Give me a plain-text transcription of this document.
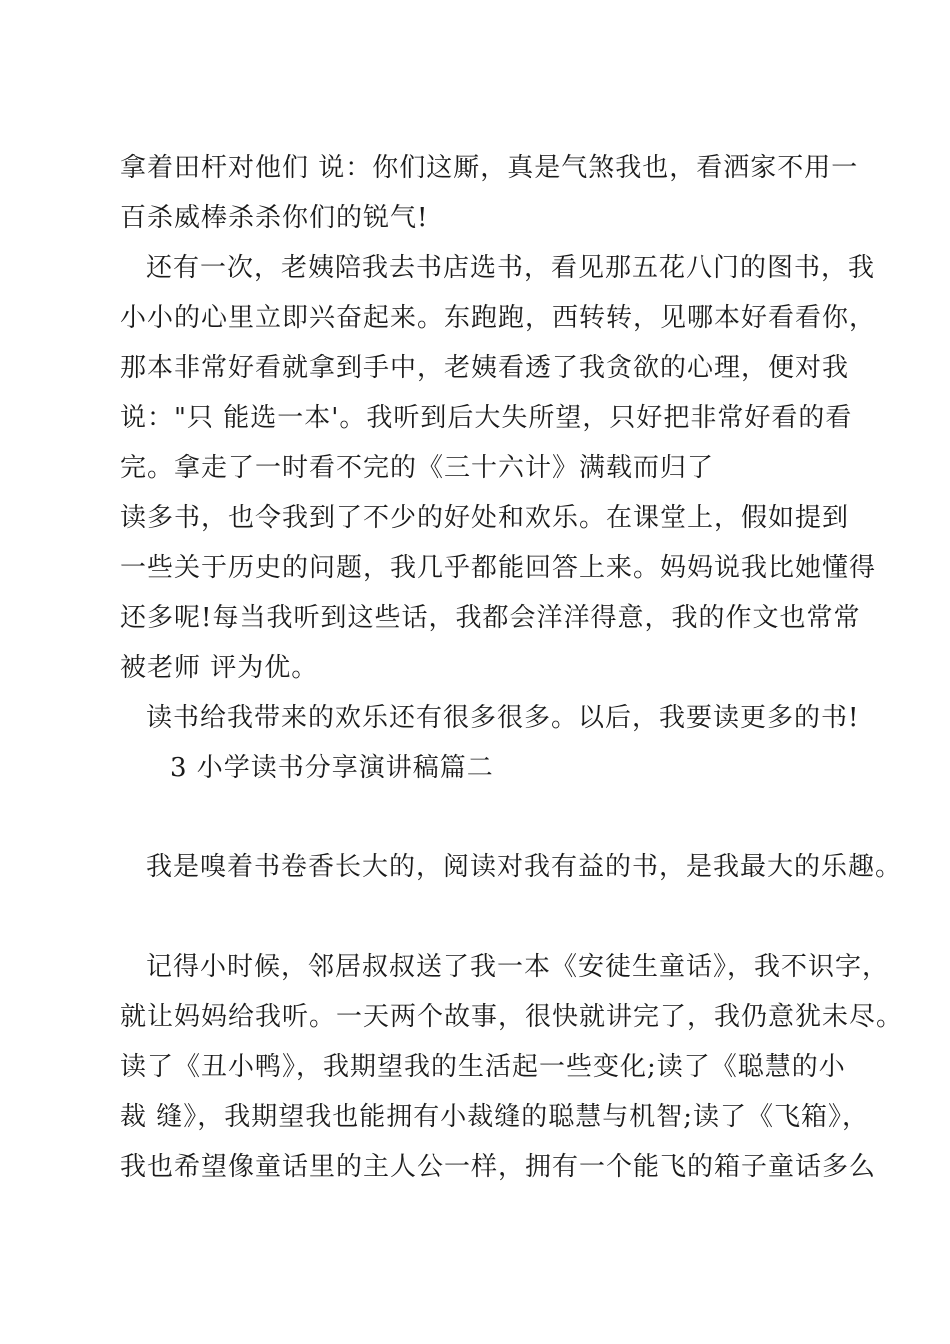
拿着田杆对他们 说：你们这厮，真是气煞我也，看洒家不用一
百杀威棒杀杀你们的锐气!
还有一次，老姨陪我去书店选书，看见那五花八门的图书，我
小小的心里立即兴奋起来。东跑跑，西转转，见哪本好看看你，
那本非常好看就拿到手中，老姨看透了我贪欲的心理，便对我
说："只 能选一本'。我听到后大失所望，只好把非常好看的看
完。拿走了一时看不完的《三十六计》满载而归了
读多书，也令我到了不少的好处和欢乐。在课堂上，假如提到
一些关于历史的问题，我几乎都能回答上来。妈妈说我比她懂得
还多呢!每当我听到这些话，我都会洋洋得意，我的作文也常常
被老师 评为优。
读书给我带来的欢乐还有很多很多。以后，我要读更多的书!
3 小学读书分享演讲稿篇二
我是嗅着书卷香长大的，阅读对我有益的书，是我最大的乐趣。
记得小时候，邻居叔叔送了我一本《安徒生童话》，我不识字，
就让妈妈给我听。一天两个故事，很快就讲完了，我仍意犹未尽。
读了《丑小鸭》，我期望我的生活起一些变化;读了《聪慧的小
裁 缝》，我期望我也能拥有小裁缝的聪慧与机智;读了《飞箱》，
我也希望像童话里的主人公一样，拥有一个能飞的箱子童话多么
